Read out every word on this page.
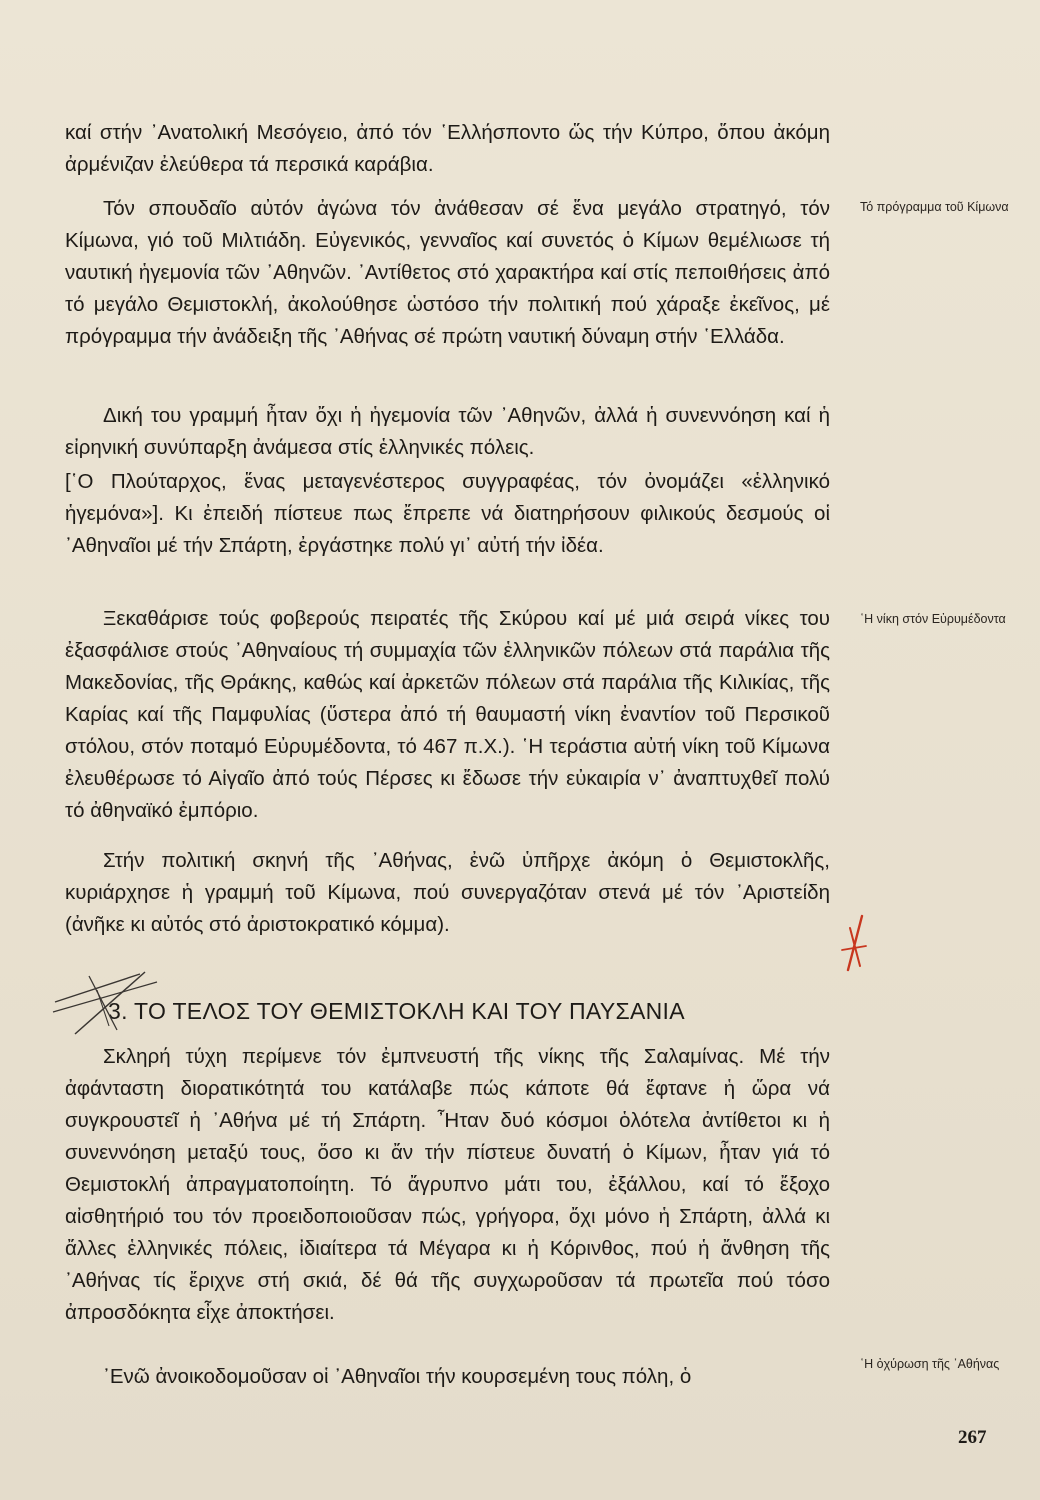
καί στήν ᾿Ανατολική Μεσόγειο, ἀπό τόν ῾Ελλήσποντο ὥς τήν Κύπρο, ὅπου ἀκόμη ἀρμένιζαν ἐλεύθερα τά περσικά καράβια.

Τόν σπουδαῖο αὐτόν ἀγώνα τόν ἀνάθεσαν σέ ἕνα μεγάλο στρατηγό, τόν Κίμωνα, γιό τοῦ Μιλτιάδη. Εὐγενικός, γενναῖος καί συνετός ὁ Κίμων θεμέλιωσε τή ναυτική ἡγεμονία τῶν ᾿Αθηνῶν. ᾿Αντίθετος στό χαρακτήρα καί στίς πεποιθήσεις ἀπό τό μεγάλο Θεμιστοκλή, ἀκολούθησε ὡστόσο τήν πολιτική πού χάραξε ἐκεῖνος, μέ πρόγραμμα τήν ἀνάδειξη τῆς ᾿Αθήνας σέ πρώτη ναυτική δύναμη στήν ῾Ελλάδα.

Δική του γραμμή ἦταν ὄχι ἡ ἡγεμονία τῶν ᾿Αθηνῶν, ἀλλά ἡ συνεννόηση καί ἡ εἰρηνική συνύπαρξη ἀνάμεσα στίς ἑλληνικές πόλεις.

[῾Ο Πλούταρχος, ἕνας μεταγενέστερος συγγραφέας, τόν ὀνομάζει «ἑλληνικό ἡγεμόνα»]. Κι ἐπειδή πίστευε πως ἔπρεπε νά διατηρήσουν φιλικούς δεσμούς οἱ ᾿Αθηναῖοι μέ τήν Σπάρτη, ἐργάστηκε πολύ γι᾿ αὐτή τήν ἰδέα.

Ξεκαθάρισε τούς φοβερούς πειρατές τῆς Σκύρου καί μέ μιά σειρά νίκες του ἐξασφάλισε στούς ᾿Αθηναίους τή συμμαχία τῶν ἑλληνικῶν πόλεων στά παράλια τῆς Μακεδονίας, τῆς Θράκης, καθώς καί ἀρκετῶν πόλεων στά παράλια τῆς Κιλικίας, τῆς Καρίας καί τῆς Παμφυλίας (ὕστερα ἀπό τή θαυμαστή νίκη ἐναντίον τοῦ Περσικοῦ στόλου, στόν ποταμό Εὐρυμέδοντα, τό 467 π.Χ.). ῾Η τεράστια αὐτή νίκη τοῦ Κίμωνα ἐλευθέρωσε τό Αἰγαῖο ἀπό τούς Πέρσες κι ἔδωσε τήν εὐκαιρία ν᾿ ἀναπτυχθεῖ πολύ τό ἀθηναϊκό ἐμπόριο.

Στήν πολιτική σκηνή τῆς ᾿Αθήνας, ἐνῶ ὑπῆρχε ἀκόμη ὁ Θεμιστοκλῆς, κυριάρχησε ἡ γραμμή τοῦ Κίμωνα, πού συνεργαζόταν στενά μέ τόν ᾿Αριστείδη (ἀνῆκε κι αὐτός στό ἀριστοκρατικό κόμμα).

3. ΤΟ ΤΕΛΟΣ ΤΟΥ ΘΕΜΙΣΤΟΚΛΗ ΚΑΙ ΤΟΥ ΠΑΥΣΑΝΙΑ

Σκληρή τύχη περίμενε τόν ἐμπνευστή τῆς νίκης τῆς Σαλαμίνας. Μέ τήν ἀφάνταστη διορατικότητά του κατάλαβε πώς κάποτε θά ἔφτανε ἡ ὥρα νά συγκρουστεῖ ἡ ᾿Αθήνα μέ τή Σπάρτη. ῏Ηταν δυό κόσμοι ὁλότελα ἀντίθετοι κι ἡ συνεννόηση μεταξύ τους, ὅσο κι ἄν τήν πίστευε δυνατή ὁ Κίμων, ἦταν γιά τό Θεμιστοκλή ἀπραγματοποίητη. Τό ἄγρυπνο μάτι του, ἐξάλλου, καί τό ἔξοχο αἰσθητήριό του τόν προειδοποιοῦσαν πώς, γρήγορα, ὄχι μόνο ἡ Σπάρτη, ἀλλά κι ἄλλες ἑλληνικές πόλεις, ἰδιαίτερα τά Μέγαρα κι ἡ Κόρινθος, πού ἡ ἄνθηση τῆς ᾿Αθήνας τίς ἔριχνε στή σκιά, δέ θά τῆς συγχωροῦσαν τά πρωτεῖα πού τόσο ἀπροσδόκητα εἶχε ἀποκτήσει.

᾿Ενῶ ἀνοικοδομοῦσαν οἱ ᾿Αθηναῖοι τήν κουρσεμένη τους πόλη, ὁ

Τό πρόγραμμα τοῦ Κίμωνα
῾Η νίκη στόν Εὐρυμέδοντα
῾Η ὀχύρωση τῆς ᾿Αθήνας
267
